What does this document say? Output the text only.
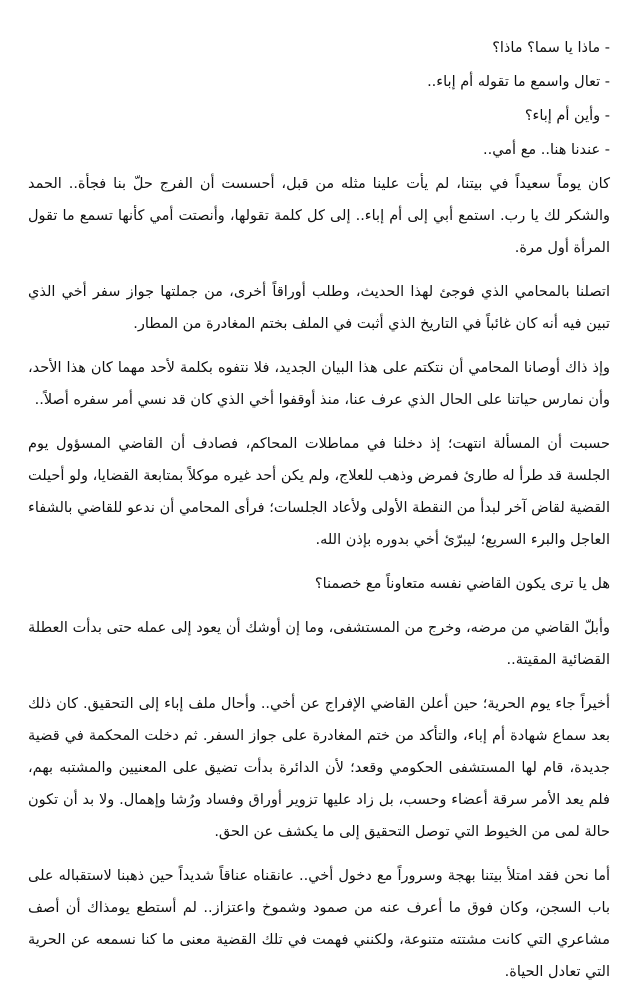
- ماذا يا سما؟ ماذا؟

- تعال واسمع ما تقوله أم إباء..

- وأين أم إباء؟

- عندنا هنا.. مع أمي..

كان يوماً سعيداً في بيتنا، لم يأت علينا مثله من قبل، أحسست أن الفرج حلّ بنا فجأة.. الحمد والشكر لك يا رب. استمع أبي إلى أم إباء.. إلى كل كلمة تقولها، وأنصتت أمي كأنها تسمع ما تقول المرأة أول مرة.

اتصلنا بالمحامي الذي فوجئ لهذا الحديث، وطلب أوراقاً أخرى، من جملتها جواز سفر أخي الذي تبين فيه أنه كان غائباً في التاريخ الذي أثبت في الملف بختم المغادرة من المطار.

وإذ ذاك أوصانا المحامي أن نتكتم على هذا البيان الجديد، فلا نتفوه بكلمة لأحد مهما كان هذا الأحد، وأن نمارس حياتنا على الحال الذي عرف عنا، منذ أوقفوا أخي الذي كان قد نسي أمر سفره أصلاً..

حسبت أن المسألة انتهت؛ إذ دخلنا في مماطلات المحاكم، فصادف أن القاضي المسؤول يوم الجلسة قد طرأ له طارئ فمرض وذهب للعلاج، ولم يكن أحد غيره موكلاً بمتابعة القضايا، ولو أحيلت القضية لقاض آخر لبدأ من النقطة الأولى ولأعاد الجلسات؛ فرأى المحامي أن ندعو للقاضي بالشفاء العاجل والبرء السريع؛ ليبرّئ أخي بدوره بإذن الله.

هل يا ترى يكون القاضي نفسه متعاوناً مع خصمنا؟

وأبلّ القاضي من مرضه، وخرج من المستشفى، وما إن أوشك أن يعود إلى عمله حتى بدأت العطلة القضائية المقيتة..

أخيراً جاء يوم الحرية؛ حين أعلن القاضي الإفراج عن أخي.. وأحال ملف إباء إلى التحقيق. كان ذلك بعد سماع شهادة أم إباء، والتأكد من ختم المغادرة على جواز السفر. ثم دخلت المحكمة في قضية جديدة، قام لها المستشفى الحكومي وقعد؛ لأن الدائرة بدأت تضيق على المعنيين والمشتبه بهم، فلم يعد الأمر سرقة أعضاء وحسب، بل زاد عليها تزوير أوراق وفساد ورُشا وإهمال. ولا بد أن تكون حالة لمى من الخيوط التي توصل التحقيق إلى ما يكشف عن الحق.

أما نحن فقد امتلأ بيتنا بهجة وسروراً مع دخول أخي.. عانقناه عناقاً شديداً حين ذهبنا لاستقباله على باب السجن، وكان فوق ما أعرف عنه من صمود وشموخ واعتزاز.. لم أستطع يومذاك أن أصف مشاعري التي كانت مشتته متنوعة، ولكنني فهمت في تلك القضية معنى ما كنا نسمعه عن الحرية التي تعادل الحياة.
